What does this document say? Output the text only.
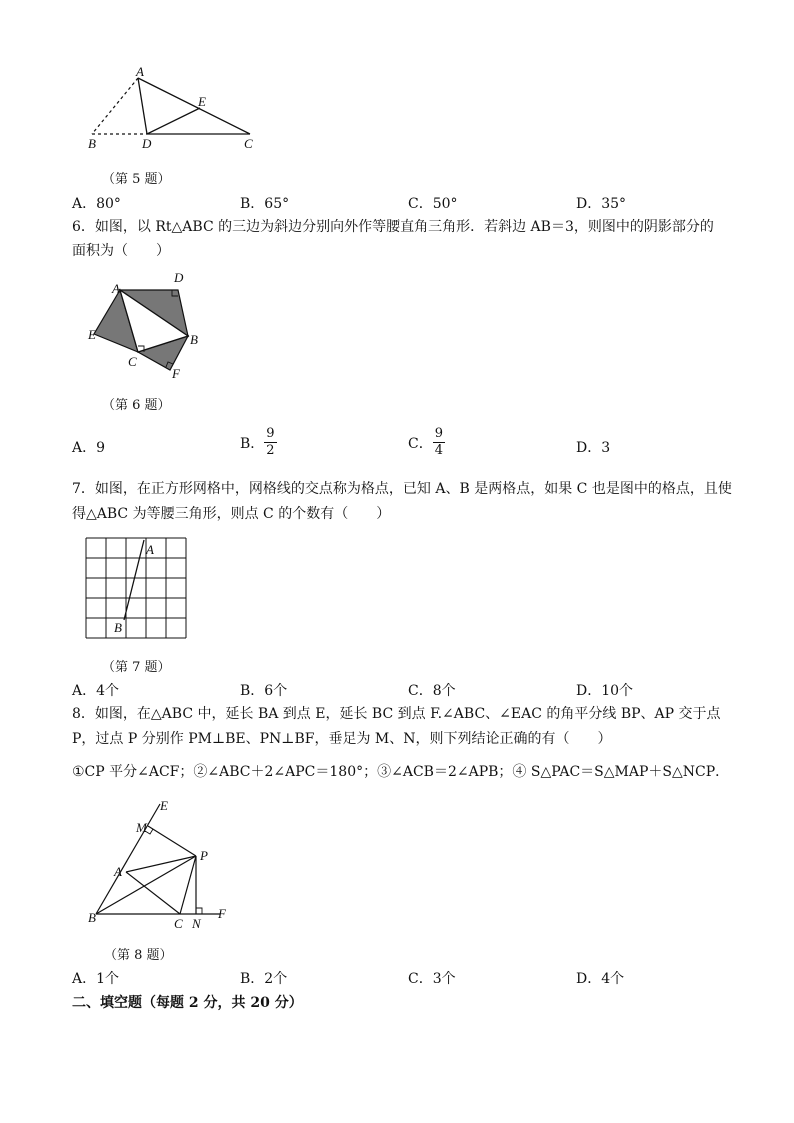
A
E
B	D	C
（第 5 题）
A．80°	B．65°	C．50°	D．35°
6．如图，以 Rt△ABC 的三边为斜边分别向外作等腰直角三角形．若斜边 AB＝3，则图中的阴影部分的
面积为（　　）
A
D
E	B
C
F
（第 6 题）
A．9	B． $\frac{9}{2}$	C． $\frac{9}{4}$	D．3
7．如图，在正方形网格中，网格线的交点称为格点，已知 A、B 是两格点，如果 C 也是图中的格点，且使
得△ABC 为等腰三角形，则点 C 的个数有（　　）
A
B
（第 7 题）
A．4个	B．6个	C．8个	D．10个
8．如图，在△ABC 中，延长 BA 到点 E，延长 BC 到点 F.∠ABC、∠EAC 的角平分线 BP、AP 交于点
P，过点 P 分别作 PM⊥BE、PN⊥BF，垂足为 M、N，则下列结论正确的有（　　）
①CP 平分∠ACF；②∠ABC＋2∠APC＝180°；③∠ACB＝2∠APB；④ S△PAC＝S△MAP＋S△NCP．
E
M
P
A
B	C N
F
（第 8 题）
A．1个	B．2个	C．3个	D．4个
二、填空题（每题 2 分，共 20 分）
